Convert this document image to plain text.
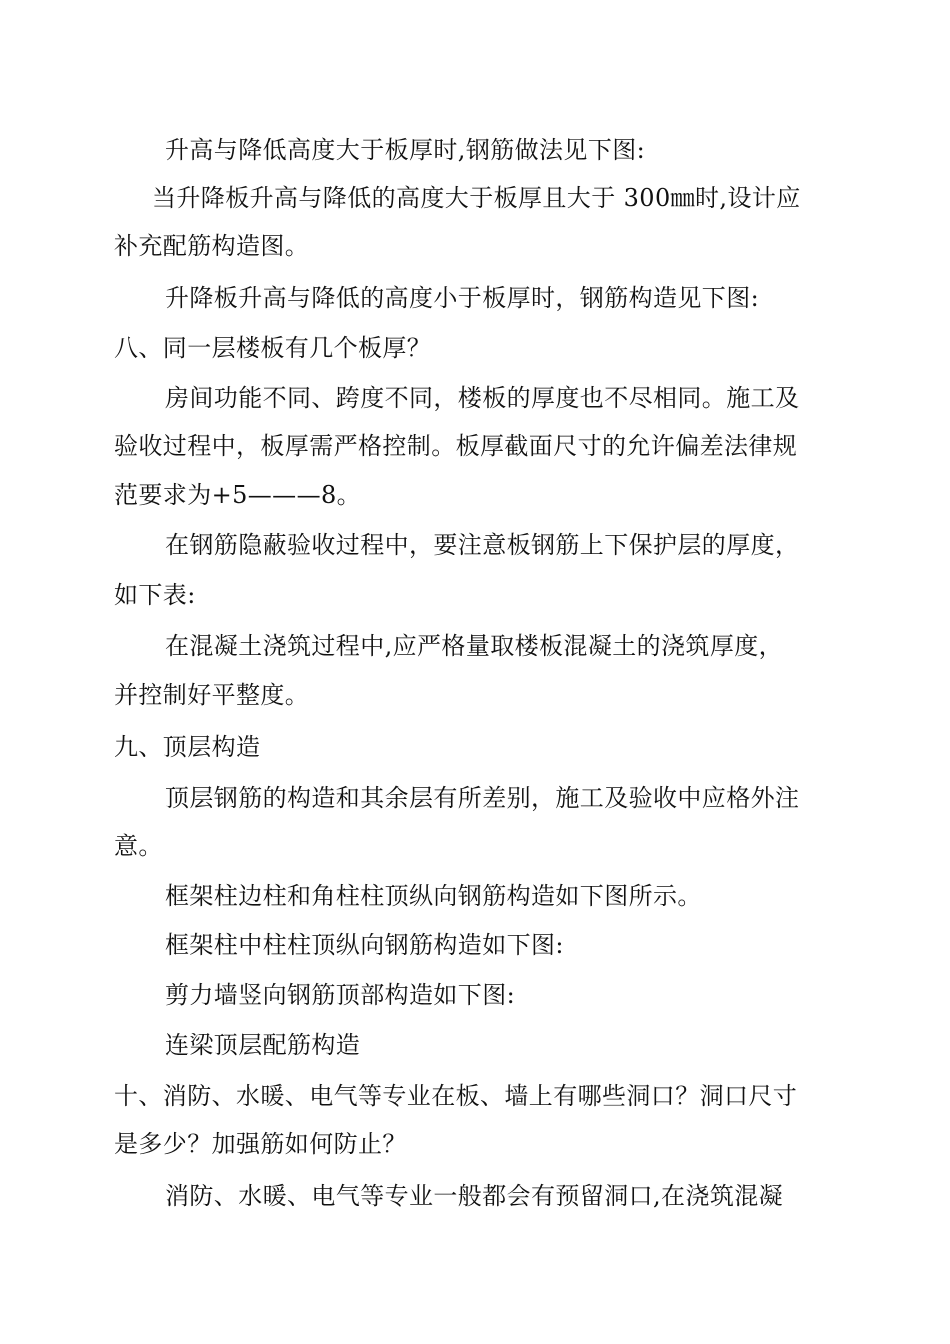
升高与降低高度大于板厚时,钢筋做法见下图:
当升降板升高与降低的高度大于板厚且大于 300㎜时,设计应
补充配筋构造图。
升降板升高与降低的高度小于板厚时，钢筋构造见下图:
八、同一层楼板有几个板厚？
房间功能不同、跨度不同，楼板的厚度也不尽相同。施工及
验收过程中，板厚需严格控制。板厚截面尺寸的允许偏差法律规
范要求为+5———8。
在钢筋隐蔽验收过程中，要注意板钢筋上下保护层的厚度，
如下表:
在混凝土浇筑过程中,应严格量取楼板混凝土的浇筑厚度，
并控制好平整度。
九、顶层构造
顶层钢筋的构造和其余层有所差别，施工及验收中应格外注
意。
框架柱边柱和角柱柱顶纵向钢筋构造如下图所示。
框架柱中柱柱顶纵向钢筋构造如下图:
剪力墙竖向钢筋顶部构造如下图:
连梁顶层配筋构造
十、消防、水暖、电气等专业在板、墙上有哪些洞口？洞口尺寸
是多少？加强筋如何防止？
消防、水暖、电气等专业一般都会有预留洞口,在浇筑混凝
